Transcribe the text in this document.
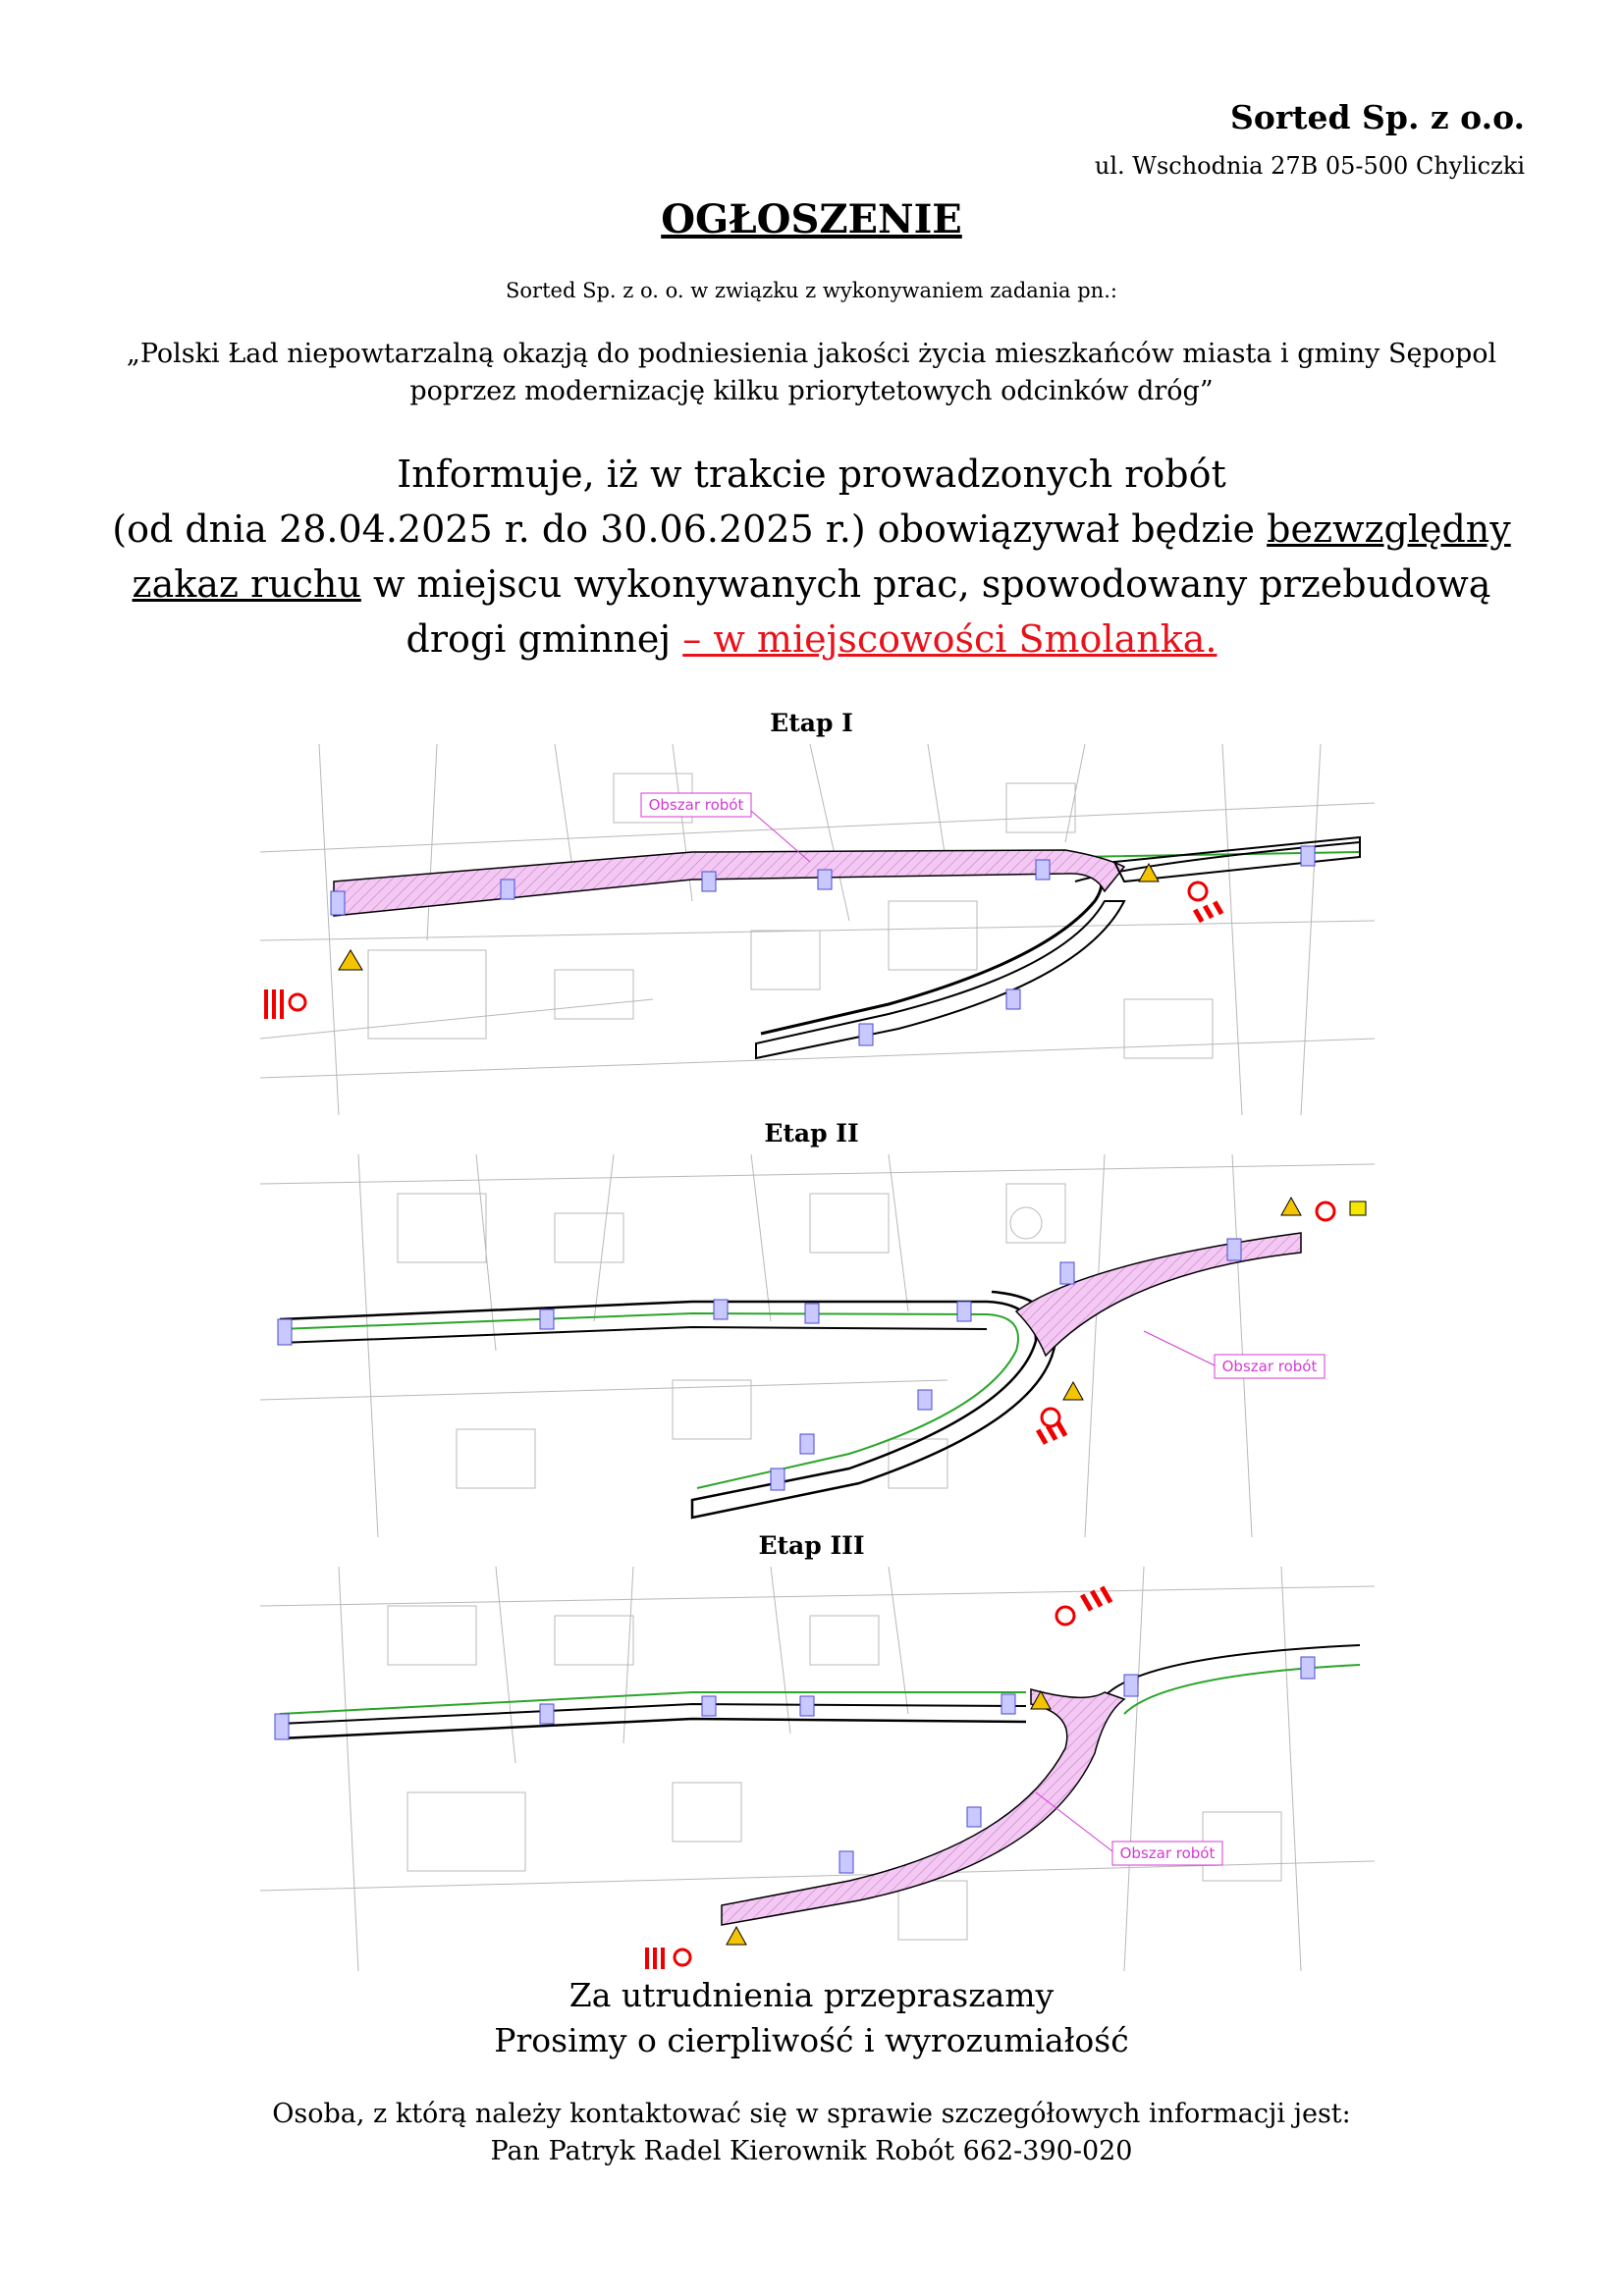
Sorted Sp. z o.o.
ul. Wschodnia 27B 05-500 Chyliczki
OGŁOSZENIE
Sorted Sp. z o. o. w związku z wykonywaniem zadania pn.:
„Polski Ład niepowtarzalną okazją do podniesienia jakości życia mieszkańców miasta i gminy Sępopol
poprzez modernizację kilku priorytetowych odcinków dróg”
Informuje, iż w trakcie prowadzonych robót
(od dnia 28.04.2025 r. do 30.06.2025 r.) obowiązywał będzie bezwzględny
zakaz ruchu w miejscu wykonywanych prac, spowodowany przebudową
drogi gminnej – w miejscowości Smolanka.
Etap I
Obszar robót
Etap II
Obszar robót
Etap III
Obszar robót
Za utrudnienia przepraszamy
Prosimy o cierpliwość i wyrozumiałość
Osoba, z którą należy kontaktować się w sprawie szczegółowych informacji jest:
Pan Patryk Radel Kierownik Robót 662-390-020
